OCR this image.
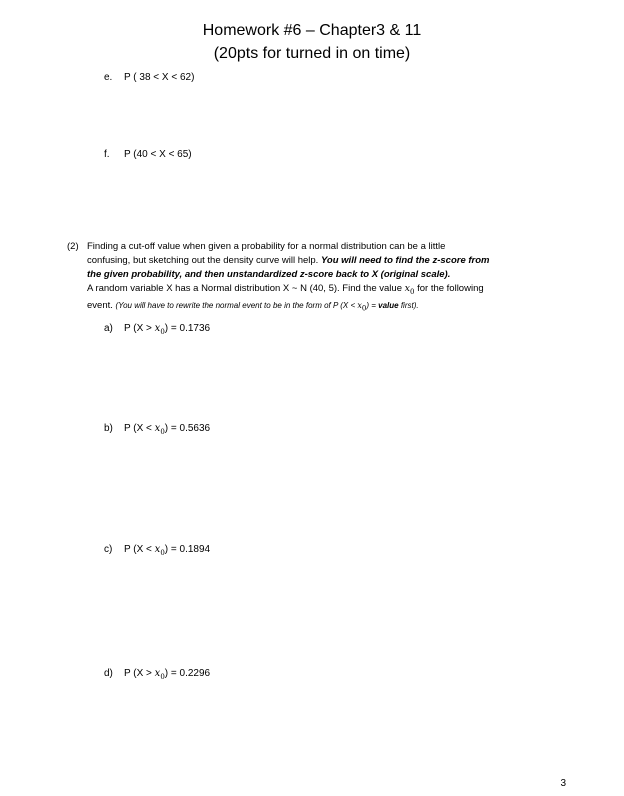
Homework #6 – Chapter3 & 11
(20pts for turned in on time)
e. P ( 38 < X < 62)
f. P (40 < X < 65)
(2) Finding a cut-off value when given a probability for a normal distribution can be a little
confusing, but sketching out the density curve will help. You will need to find the z-score from
the given probability, and then unstandardized z-score back to X (original scale).
A random variable X has a Normal distribution X ~ N (40, 5). Find the value $x_0$ for the following
event. (You will have to rewrite the normal event to be in the form of P $(X < x_0)$ = value first).
a) P $(X > x_0) = 0.1736$
b) P $(X < x_0) = 0.5636$
c) P $(X < x_0) = 0.1894$
d) P $(X > x_0) = 0.2296$
3
